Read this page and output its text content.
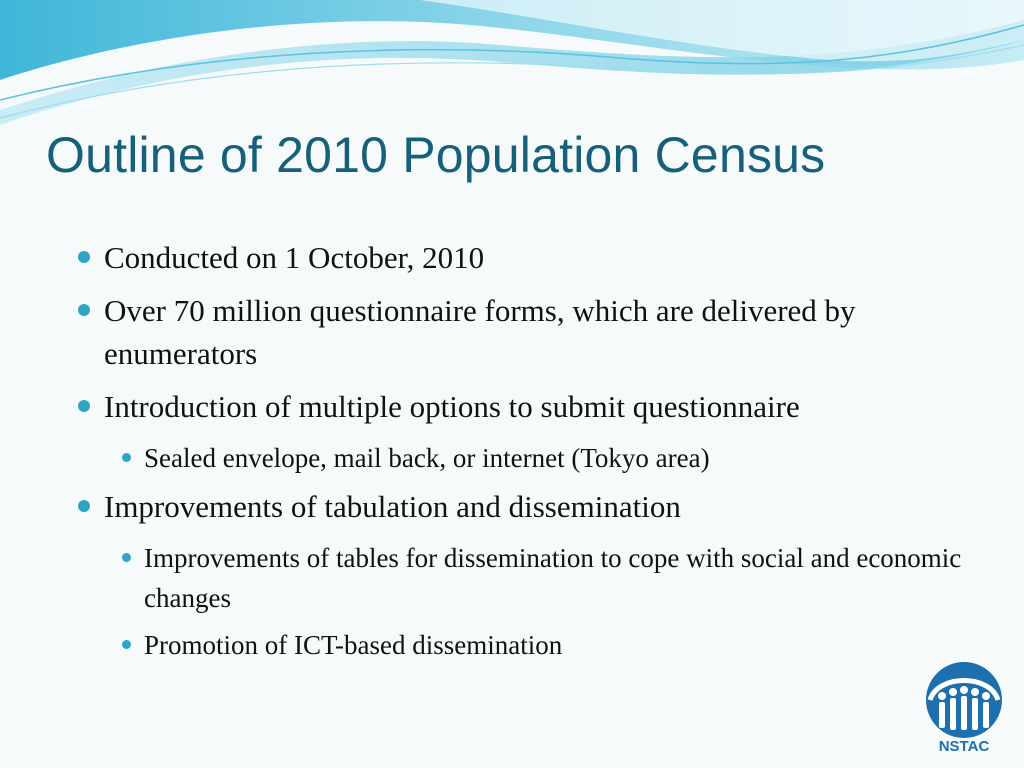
Outline of 2010 Population Census
Conducted on 1 October, 2010
Over 70 million questionnaire forms, which are delivered by enumerators
Introduction of multiple options to submit questionnaire
Sealed envelope, mail back, or internet (Tokyo area)
Improvements of tabulation and dissemination
Improvements of tables for dissemination to cope with social and economic changes
Promotion of ICT-based dissemination
NSTAC
